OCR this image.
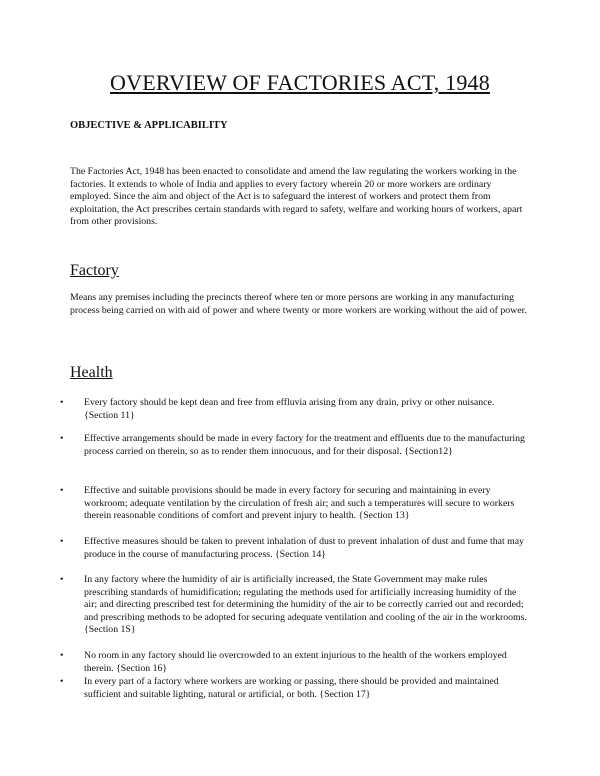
OVERVIEW OF FACTORIES ACT, 1948
OBJECTIVE & APPLICABILITY
The Factories Act, 1948 has been enacted to consolidate and amend the law regulating the workers working in the factories. It extends to whole of India and applies to every factory wherein 20 or more workers are ordinary employed. Since the aim and object of the Act is to safeguard the interest of workers and protect them from exploitation, the Act prescribes certain standards with regard to safety, welfare and working hours of workers, apart from other provisions.
Factory
Means any premises including the precincts thereof where ten or more persons are working in any manufacturing process being carried on with aid of power and where twenty or more workers are working without the aid of power.
Health
•	Every factory should be kept dean and free from effluvia arising from any drain, privy or other nuisance. {Section 11}
•	Effective arrangements should be made in every factory for the treatment and effluents due to the manufacturing process carried on therein, so as to render them innocuous, and for their disposal. {Section12}
•	Effective and suitable provisions should be made in every factory for securing and maintaining in every workroom; adequate ventilation by the circulation of fresh air; and such a temperatures will secure to workers therein reasonable conditions of comfort and prevent injury to health. {Section 13}
•	Effective measures should be taken to prevent inhalation of dust to prevent inhalation of dust and fume that may produce in the course of manufacturing process. {Section 14}
•	In any factory where the humidity of air is artificially increased, the State Government may make rules prescribing standards of humidification; regulating the methods used for artificially increasing humidity of the air; and directing prescribed test for determining the humidity of the air to be correctly carried out and recorded; and prescribing methods to be adopted for securing adequate ventilation and cooling of the air in the workrooms. {Section 1S}
•	No room in any factory should lie overcrowded to an extent injurious to the health of the workers employed therein. {Section 16}
•	In every part of a factory where workers are working or passing, there should be provided and maintained sufficient and suitable lighting, natural or artificial, or both. {Section 17}
